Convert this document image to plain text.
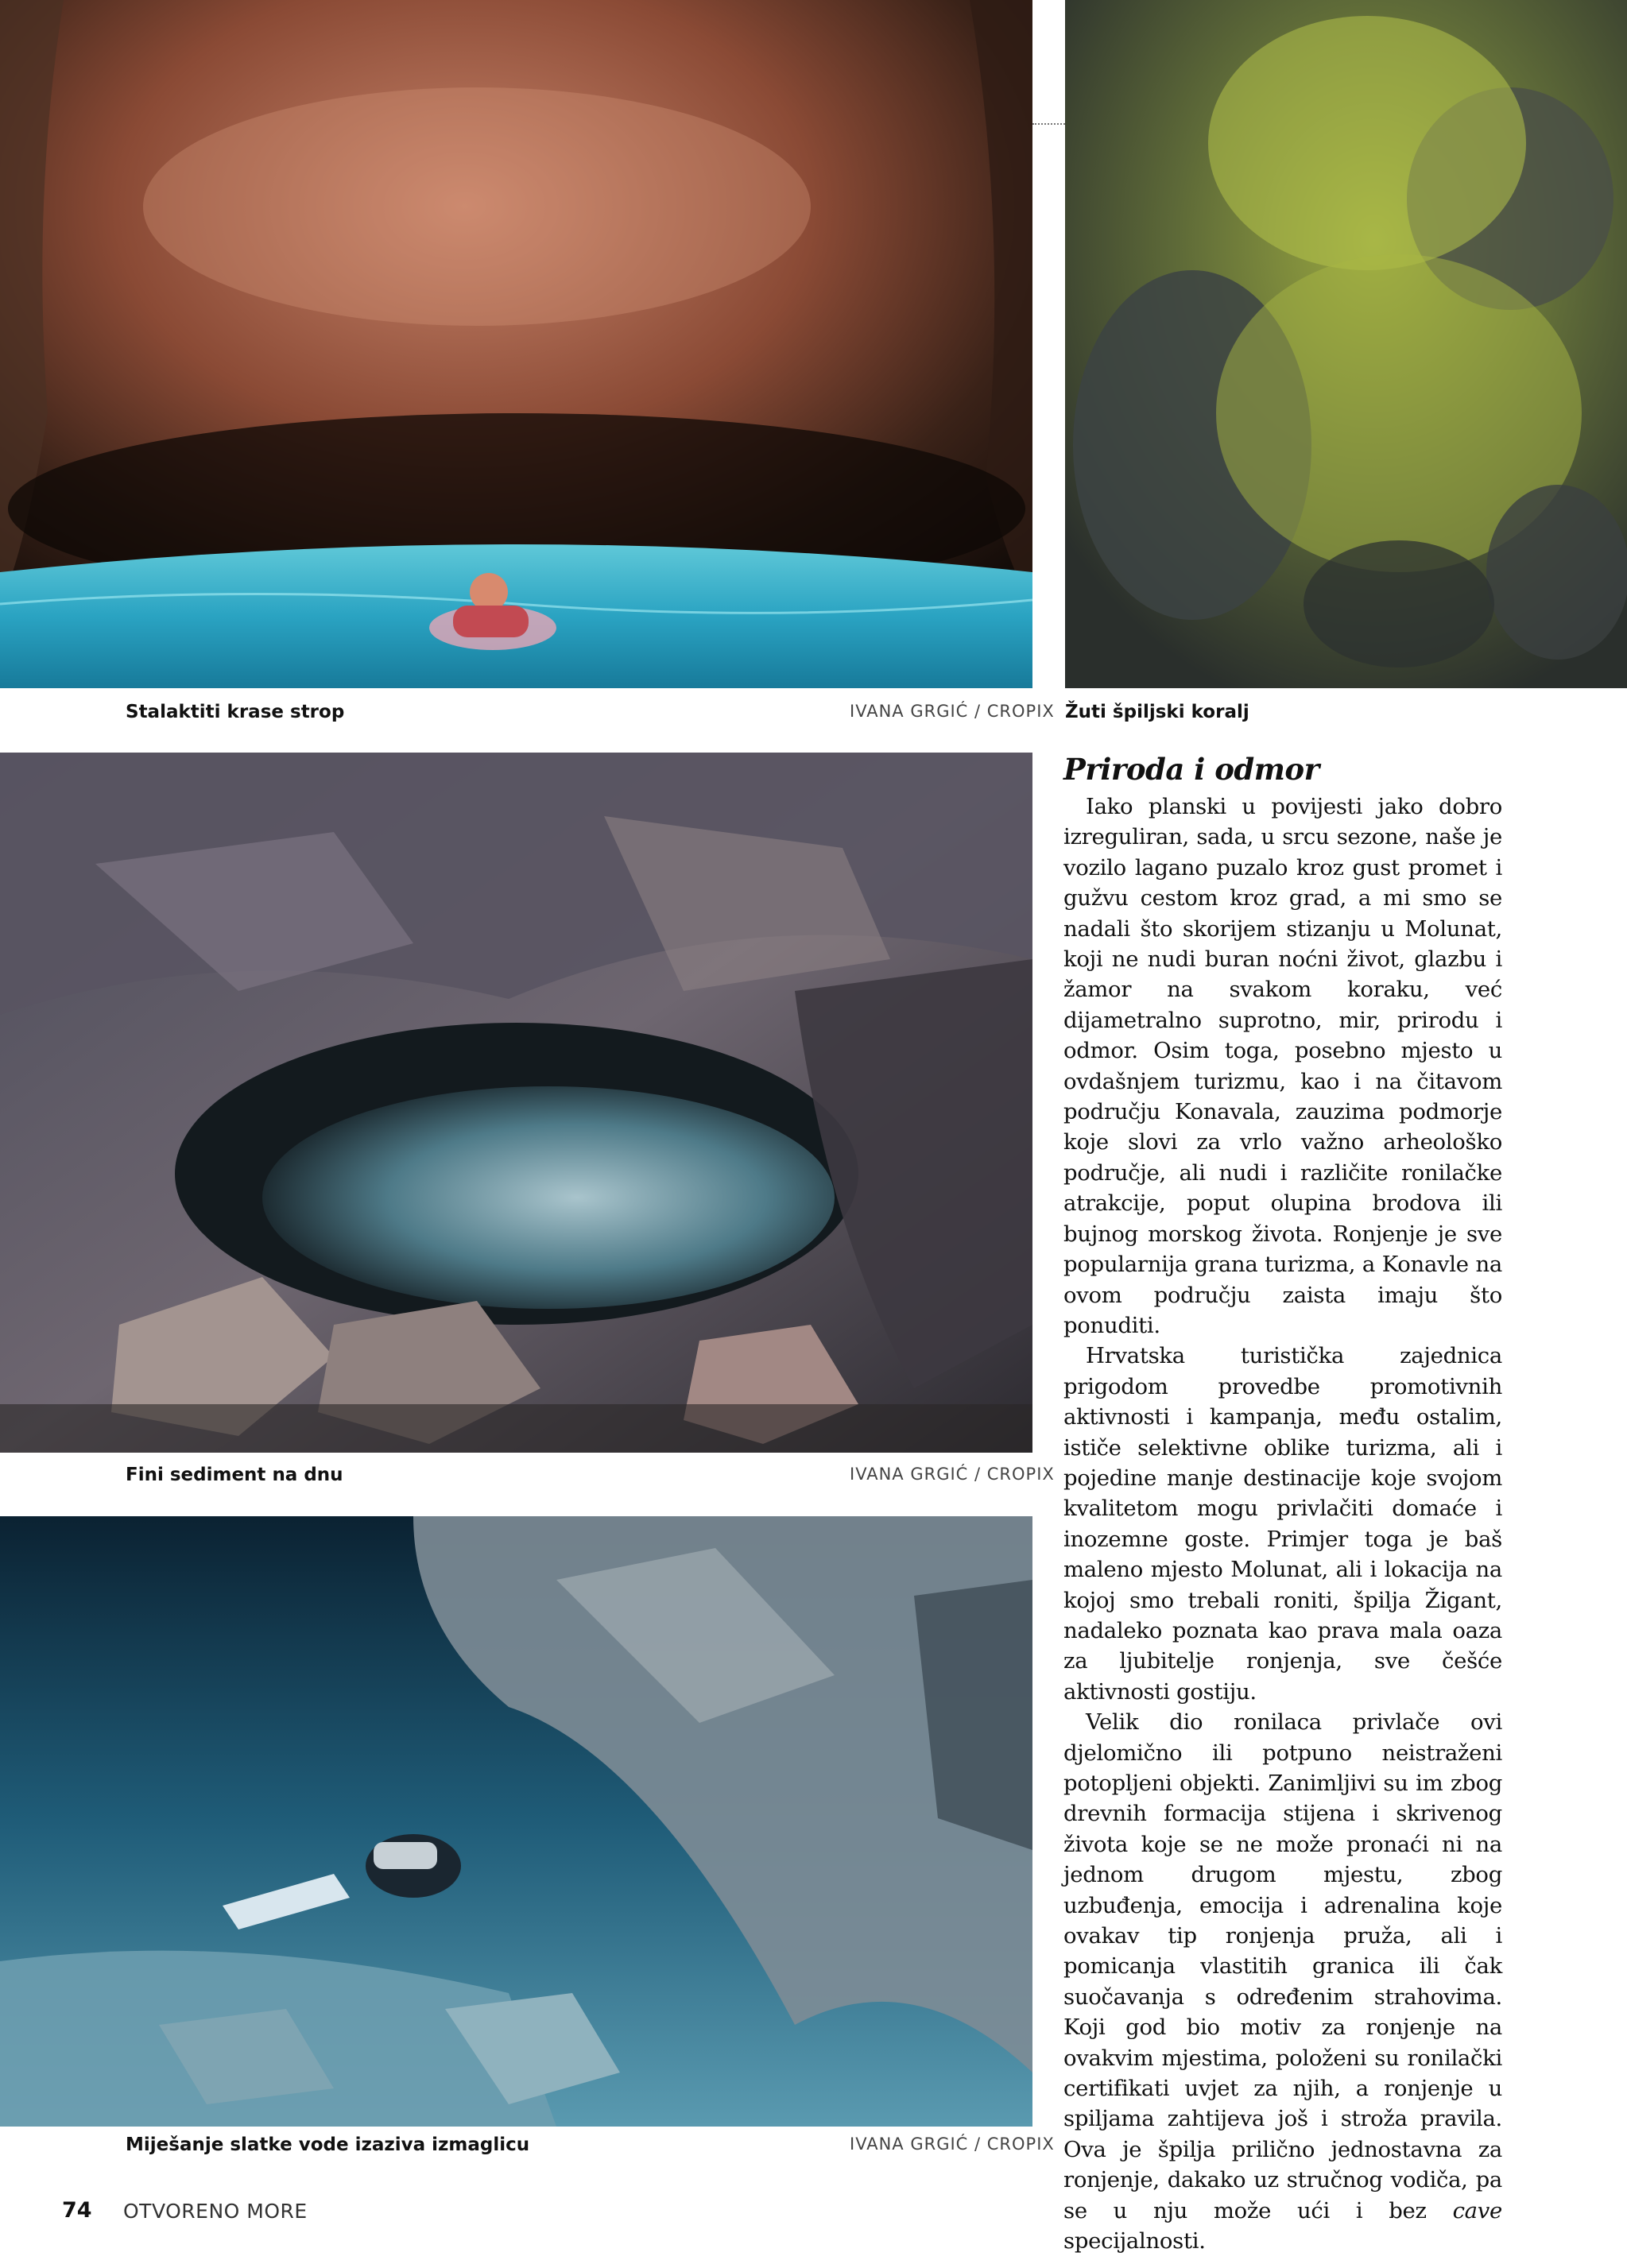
Stalaktiti krase strop	IVANA GRGIĆ / CROPIX Žuti špiljski koralj
Fini sediment na dnu	IVANA GRGIĆ / CROPIX
Miješanje slatke vode izaziva izmaglicu	IVANA GRGIĆ / CROPIX
Priroda i odmor

Iako planski u povijesti jako dobro izreguliran, sada, u srcu sezone, naše je vozilo lagano puzalo kroz gust promet i gužvu cestom kroz grad, a mi smo se nadali što skorijem stizanju u Molunat, koji ne nudi buran noćni život, glazbu i žamor na svakom koraku, već dijametralno suprotno, mir, prirodu i odmor. Osim toga, posebno mjesto u ovdašnjem turizmu, kao i na čitavom području Konavala, zauzima podmorje koje slovi za vrlo važno arheološko područje, ali nudi i različite ronilačke atrakcije, poput olupina brodova ili bujnog morskog života. Ronjenje je sve popularnija grana turizma, a Konavle na ovom području zaista imaju što ponuditi.

Hrvatska turistička zajednica prigodom provedbe promotivnih aktivnosti i kampanja, među ostalim, ističe selektivne oblike turizma, ali i pojedine manje destinacije koje svojom kvalitetom mogu privlačiti domaće i inozemne goste. Primjer toga je baš maleno mjesto Molunat, ali i lokacija na kojoj smo trebali roniti, špilja Žigant, nadaleko poznata kao prava mala oaza za ljubitelje ronjenja, sve češće aktivnosti gostiju.

Velik dio ronilaca privlače ovi djelomično ili potpuno neistraženi potopljeni objekti. Zanimljivi su im zbog drevnih formacija stijena i skrivenog života koje se ne može pronaći ni na jednom drugom mjestu, zbog uzbuđenja, emocija i adrenalina koje ovakav tip ronjenja pruža, ali i pomicanja vlastitih granica ili čak suočavanja s određenim strahovima. Koji god bio motiv za ronjenje na ovakvim mjestima, položeni su ronilački certifikati uvjet za njih, a ronjenje u spiljama zahtijeva još i stroža pravila. Ova je špilja prilično jednostavna za ronjenje, dakako uz stručnog vodiča, pa se u nju može ući i bez cave specijalnosti.

74 OTVORENO MORE
